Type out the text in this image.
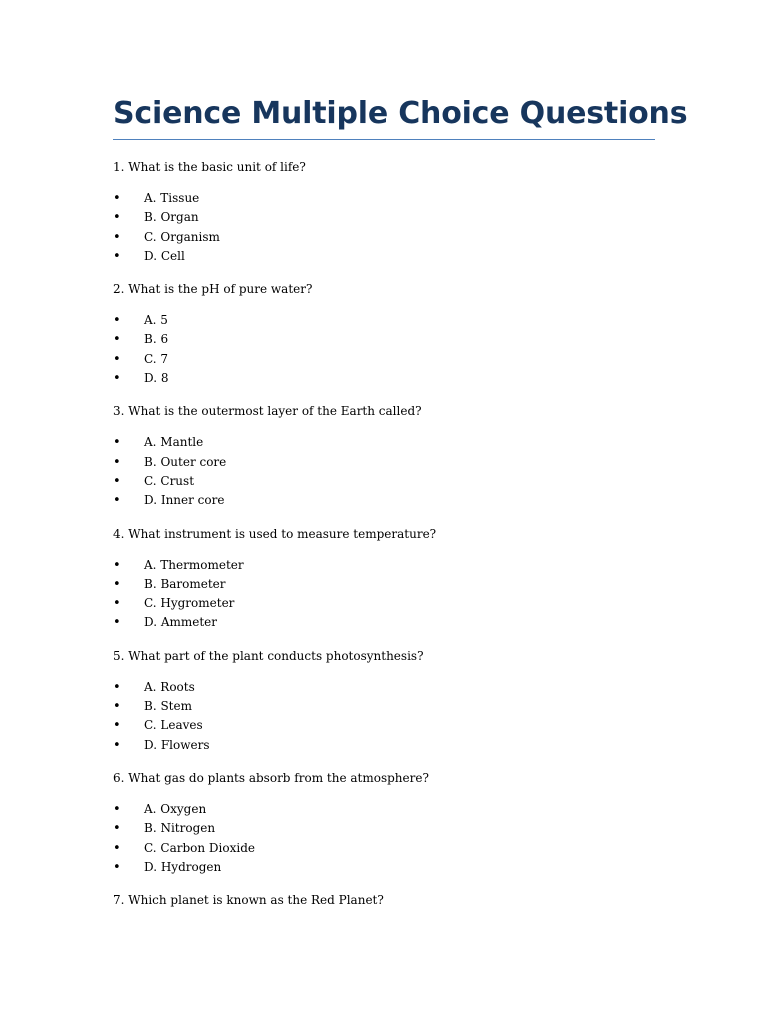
Science Multiple Choice Questions

1. What is the basic unit of life?

• A. Tissue
• B. Organ
• C. Organism
• D. Cell

2. What is the pH of pure water?

• A. 5
• B. 6
• C. 7
• D. 8

3. What is the outermost layer of the Earth called?

• A. Mantle
• B. Outer core
• C. Crust
• D. Inner core

4. What instrument is used to measure temperature?

• A. Thermometer
• B. Barometer
• C. Hygrometer
• D. Ammeter

5. What part of the plant conducts photosynthesis?

• A. Roots
• B. Stem
• C. Leaves
• D. Flowers

6. What gas do plants absorb from the atmosphere?

• A. Oxygen
• B. Nitrogen
• C. Carbon Dioxide
• D. Hydrogen

7. Which planet is known as the Red Planet?
